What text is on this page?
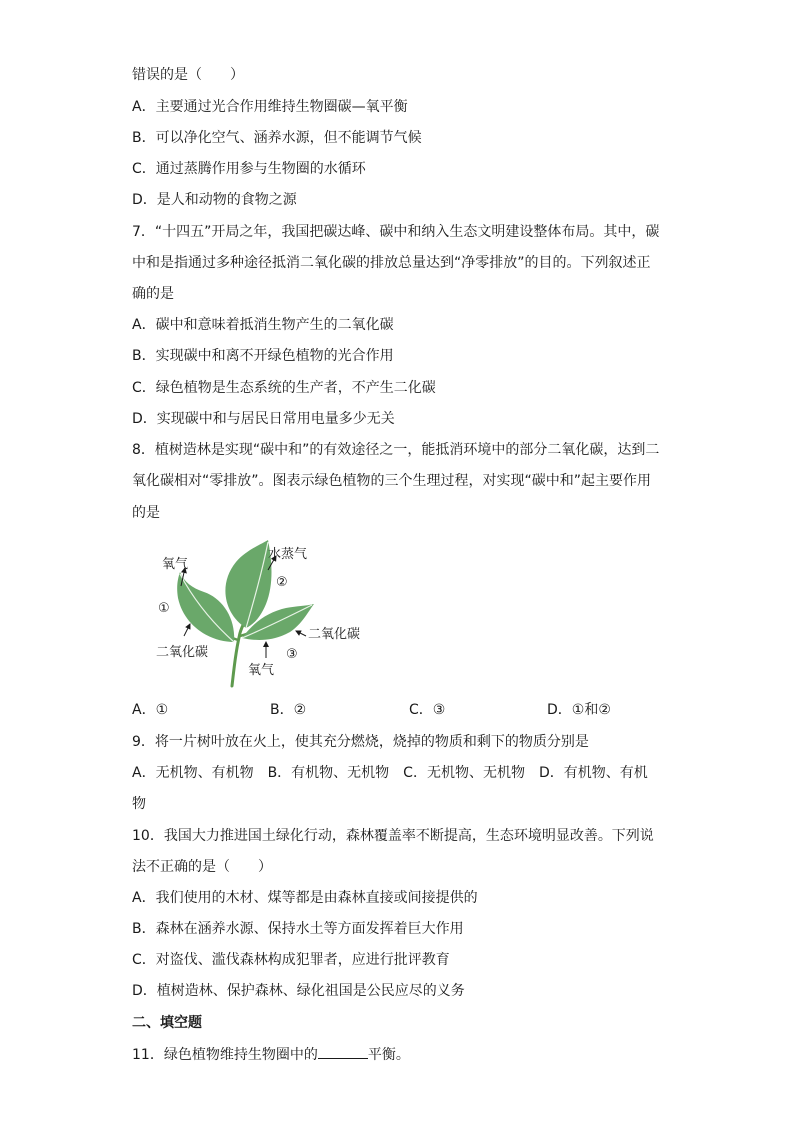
错误的是（　　）
A．主要通过光合作用维持生物圈碳—氧平衡
B．可以净化空气、涵养水源，但不能调节气候
C．通过蒸腾作用参与生物圈的水循环
D．是人和动物的食物之源
7．“十四五”开局之年，我国把碳达峰、碳中和纳入生态文明建设整体布局。其中，碳
中和是指通过多种途径抵消二氧化碳的排放总量达到“净零排放”的目的。下列叙述正
确的是
A．碳中和意味着抵消生物产生的二氧化碳
B．实现碳中和离不开绿色植物的光合作用
C．绿色植物是生态系统的生产者，不产生二化碳
D．实现碳中和与居民日常用电量多少无关
8．植树造林是实现“碳中和”的有效途径之一，能抵消环境中的部分二氧化碳，达到二
氧化碳相对“零排放”。图表示绿色植物的三个生理过程，对实现“碳中和”起主要作用
的是
氧气
①
水蒸气
②
二氧化碳
二氧化碳	③
氧气
A．①	B．②	C．③	D．①和②
9．将一片树叶放在火上，使其充分燃烧，烧掉的物质和剩下的物质分别是
A．无机物、有机物　B．有机物、无机物　C．无机物、无机物　D．有机物、有机
物
10．我国大力推进国土绿化行动，森林覆盖率不断提高，生态环境明显改善。下列说
法不正确的是（　　）
A．我们使用的木材、煤等都是由森林直接或间接提供的
B．森林在涵养水源、保持水土等方面发挥着巨大作用
C．对盗伐、滥伐森林构成犯罪者，应进行批评教育
D．植树造林、保护森林、绿化祖国是公民应尽的义务
二、填空题
11．绿色植物维持生物圈中的	平衡。
